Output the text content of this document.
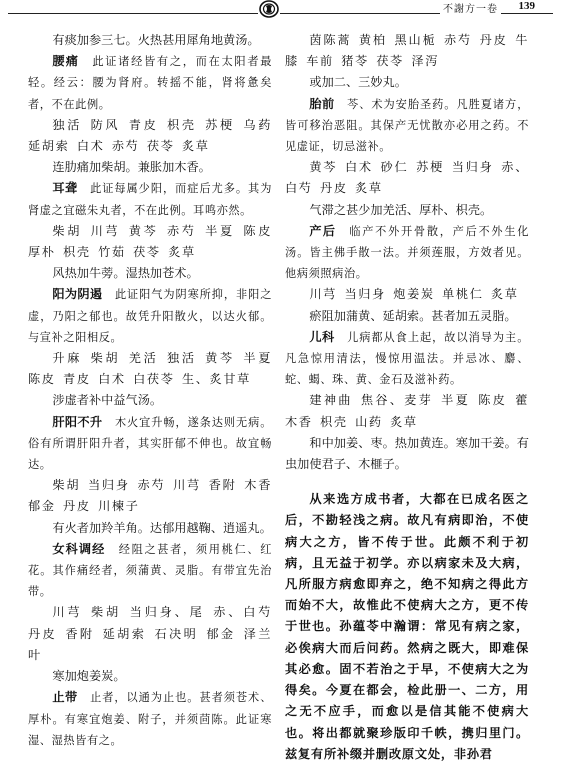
不謝方一卷 139

有痰加参三七。火热甚用犀角地黄汤。

腰痛　 此证诸经皆有之，而在太阳者最轻。经云：腰为肾府。转摇不能，肾将惫矣者，不在此例。

独活 防风 青皮 枳壳 苏梗 乌药 延胡索 白术 赤芍 茯苓 炙草

连肋痛加柴胡。兼胀加木香。

耳聋　 此证每属少阳，而症后尤多。其为肾虚之宜磁朱丸者，不在此例。耳鸣亦然。

柴胡 川芎 黄芩 赤芍 半夏 陈皮 厚朴 枳壳 竹茹 茯苓 炙草

风热加牛蒡。湿热加苍术。

阳为阴遏　 此证阳气为阴寒所抑，非阳之虚，乃阳之郁也。故凭升阳散火，以达火郁。与宣补之阳相反。

升麻 柴胡 羌活 独活 黄芩 半夏 陈皮 青皮 白术 白茯苓 生、炙甘草

涉虚者补中益气汤。

肝阳不升　 木火宜升畅，遂条达则无病。俗有所谓肝阳升者，其实肝郁不伸也。故宜畅达。

柴胡 当归身 赤芍 川芎 香附 木香 郁金 丹皮 川楝子

有火者加羚羊角。达郁用越鞠、逍遥丸。

女科调经　 经阻之甚者，须用桃仁、红花。其作痛经者，须蒲黄、灵脂。有带宜先治带。

川芎 柴胡 当归身、尾 赤、白芍 丹皮 香附 延胡索 石决明 郁金 泽兰叶

寒加炮姜炭。

止带　 止者，以通为止也。甚者须苍术、厚朴。有寒宜炮姜、附子，并须茴陈。此证寒湿、湿热皆有之。

茵陈蒿 黄柏 黑山栀 赤芍 丹皮 牛膝 车前 猪苓 茯苓 泽泻

或加二、三妙丸。

胎前　 芩、术为安胎圣药。凡胜夏诸方，皆可移治恶阻。其保产无忧散亦必用之药。不见虚证，切忌滋补。

黄芩 白术 砂仁 苏梗 当归身 赤、白芍 丹皮 炙草

气滞之甚少加羌活、厚朴、枳壳。

产后　 临产不外开骨散，产后不外生化汤。皆主佛手散一法。并须莲服，方效者见。他病须照病治。

川芎 当归身 炮姜炭 单桃仁 炙草

瘀阻加蒲黄、延胡索。甚者加五灵脂。

儿科　 儿病都从食上起，故以消导为主。凡急惊用清法，慢惊用温法。并忌冰、麝、蛇、蝎、珠、黄、金石及滋补药。

建神曲 焦谷、麦芽 半夏 陈皮 藿 木香 枳壳 山药 炙草

和中加姜、枣。热加黄连。寒加干姜。有虫加使君子、木榧子。

从来选方成书者，大都在已成名医之后，不勘轻浅之病。故凡有病即治，不使病大之方，皆不传于世。此颇不利于初病，且无益于初学。亦以病家未及大病，凡所服方病愈即弃之，绝不知病之得此方而始不大，故惟此不使病大之方，更不传于世也。孙蕴苓中瀚谓：常见有病之家，必俟病大而后问药。然病之既大，即难保其必愈。固不若治之于早，不使病大之为得矣。今夏在都会，检此册一、二方，用之无不应手，而愈以是信其能不使病大也。将出都就聚珍版印千帙，携归里门。兹复有所补缀并删改原文处，非孙君
